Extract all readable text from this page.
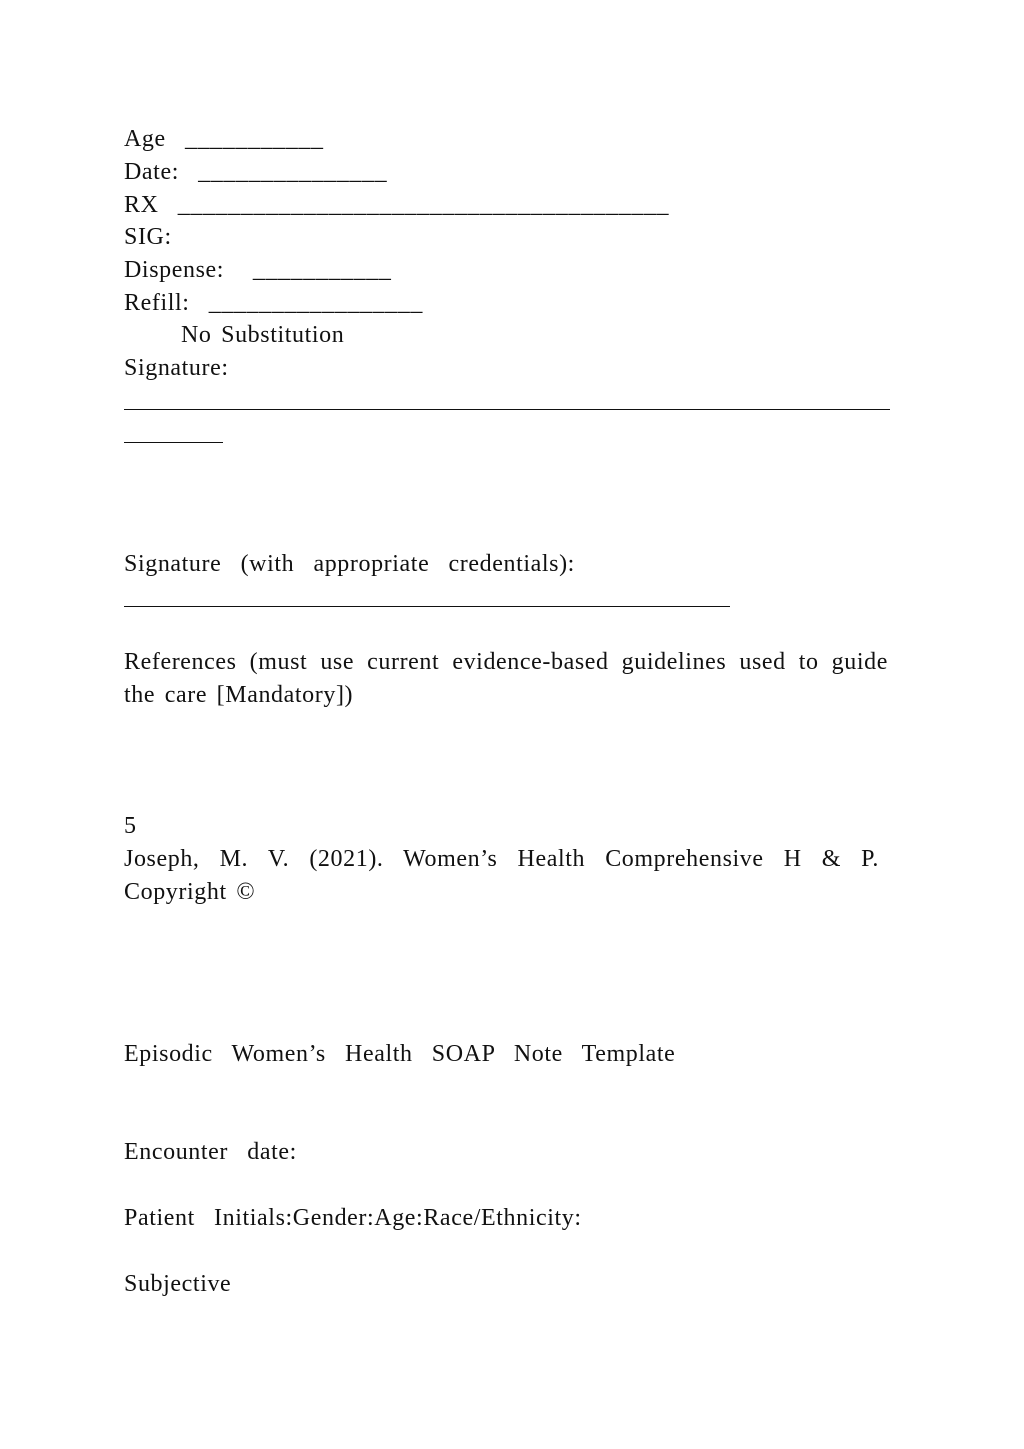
Age  ___________
Date:  _______________
RX  _______________________________________
SIG:
Dispense:   ___________
Refill:  _________________
No Substitution
Signature:
Signature  (with  appropriate  credentials):
References (must use current evidence-based guidelines used to guide the care [Mandatory])
5
Joseph, M. V. (2021). Women’s Health Comprehensive H & P. Copyright ©
Episodic  Women’s  Health  SOAP  Note  Template
Encounter  date:
Patient  Initials:Gender:Age:Race/Ethnicity:
Subjective
